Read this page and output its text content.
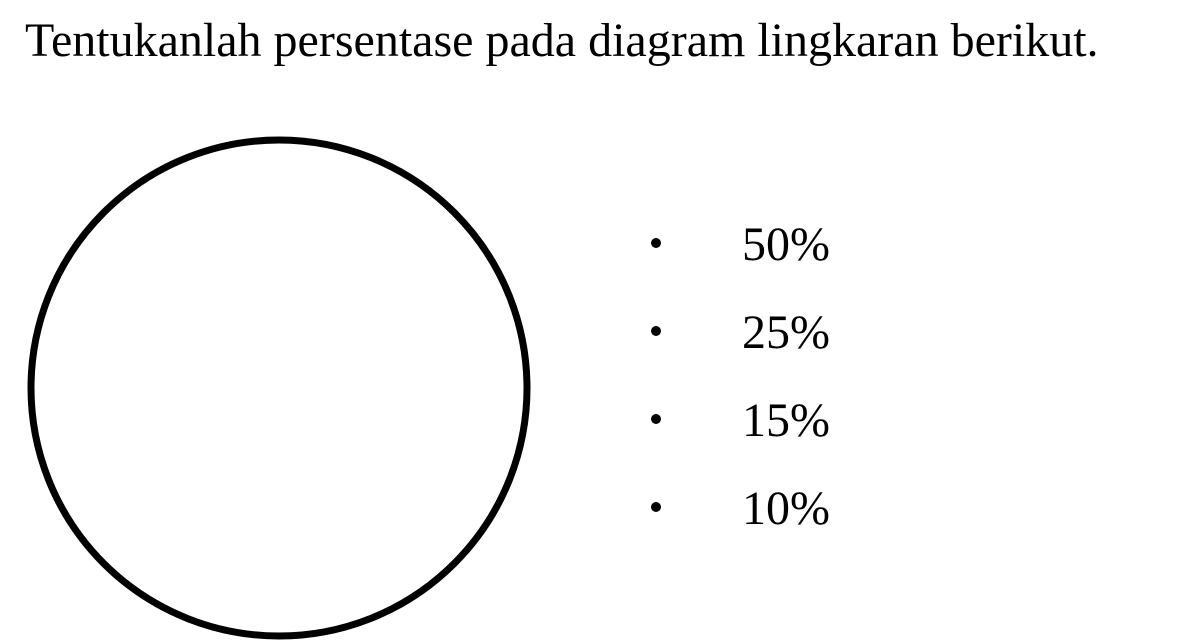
Tentukanlah persentase pada diagram lingkaran berikut.

50%
25%
15%
10%
